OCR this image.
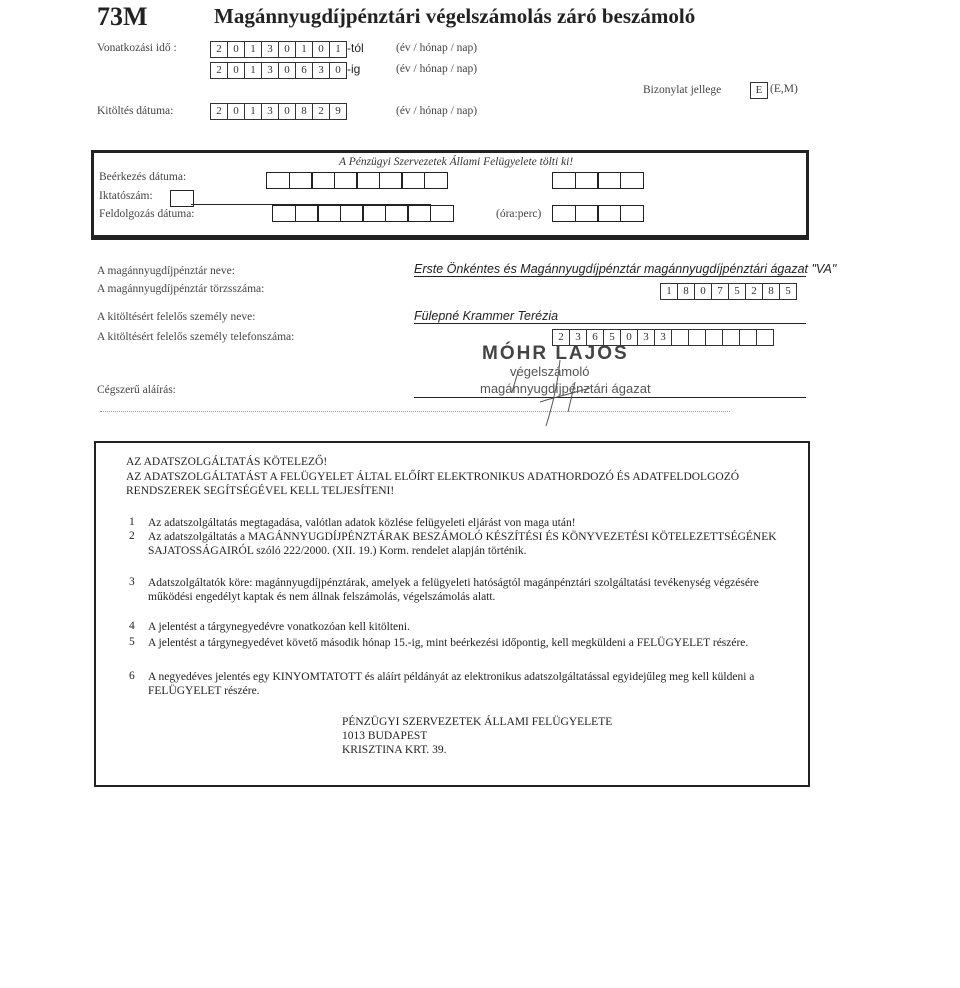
73M	Magánnyugdíjpénztári végelszámolás záró beszámoló
Vonatkozási idő :	2	0	1	3	0	1	0	1 -tól	(év / hónap / nap)
2	0	1	3	0	6	3	0 -ig	(év / hónap / nap)
Bizonylat jellege	E (E,M)
Kitöltés dátuma:	2	0	1	3	0	8	2	9	(év / hónap / nap)
A Pénzügyi Szervezetek Állami Felügyelete tölti ki!
Beérkezés dátuma:
Iktatószám:
Feldolgozás dátuma:	(óra:perc)
A magánnyugdíjpénztár neve:	Erste Önkéntes és Magánnyugdíjpénztár magánnyugdíjpénztári ágazat "VA"
A magánnyugdíjpénztár törzsszáma:	1	8	0	7	5	2	8	5
A kitöltésért felelős személy neve:	Fülepné Krammer Terézia
A kitöltésért felelős személy telefonszáma:	2	3	6	5	0	3	3
MÓHR LAJOS
végelszámoló
Cégszerű aláírás:	magánnyugdíjpénztári ágazat
AZ ADATSZOLGÁLTATÁS KÖTELEZŐ!
AZ ADATSZOLGÁLTATÁST A FELÜGYELET ÁLTAL ELŐÍRT ELEKTRONIKUS ADATHORDOZÓ ÉS ADATFELDOLGOZÓ RENDSZEREK SEGÍTSÉGÉVEL KELL TELJESÍTENI!
1 Az adatszolgáltatás megtagadása, valótlan adatok közlése felügyeleti eljárást von maga után!
2 Az adatszolgáltatás a MAGÁNNYUGDÍJPÉNZTÁRAK BESZÁMOLÓ KÉSZÍTÉSI ÉS KÖNYVEZETÉSI KÖTELEZETTSÉGÉNEK SAJATOSSÁGAIRÓL szóló 222/2000. (XII. 19.) Korm. rendelet alapján történik.
3 Adatszolgáltatók köre: magánnyugdíjpénztárak, amelyek a felügyeleti hatóságtól magánpénztári szolgáltatási tevékenység végzésére működési engedélyt kaptak és nem állnak felszámolás, végelszámolás alatt.
4 A jelentést a tárgynegyedévre vonatkozóan kell kitölteni.
5 A jelentést a tárgynegyedévet követő második hónap 15.-ig, mint beérkezési időpontig, kell megküldeni a FELÜGYELET részére.
6 A negyedéves jelentés egy KINYOMTATOTT és aláírt példányát az elektronikus adatszolgáltatással egyidejűleg meg kell küldeni a FELÜGYELET részére.
PÉNZÜGYI SZERVEZETEK ÁLLAMI FELÜGYELETE
1013 BUDAPEST
KRISZTINA KRT. 39.
